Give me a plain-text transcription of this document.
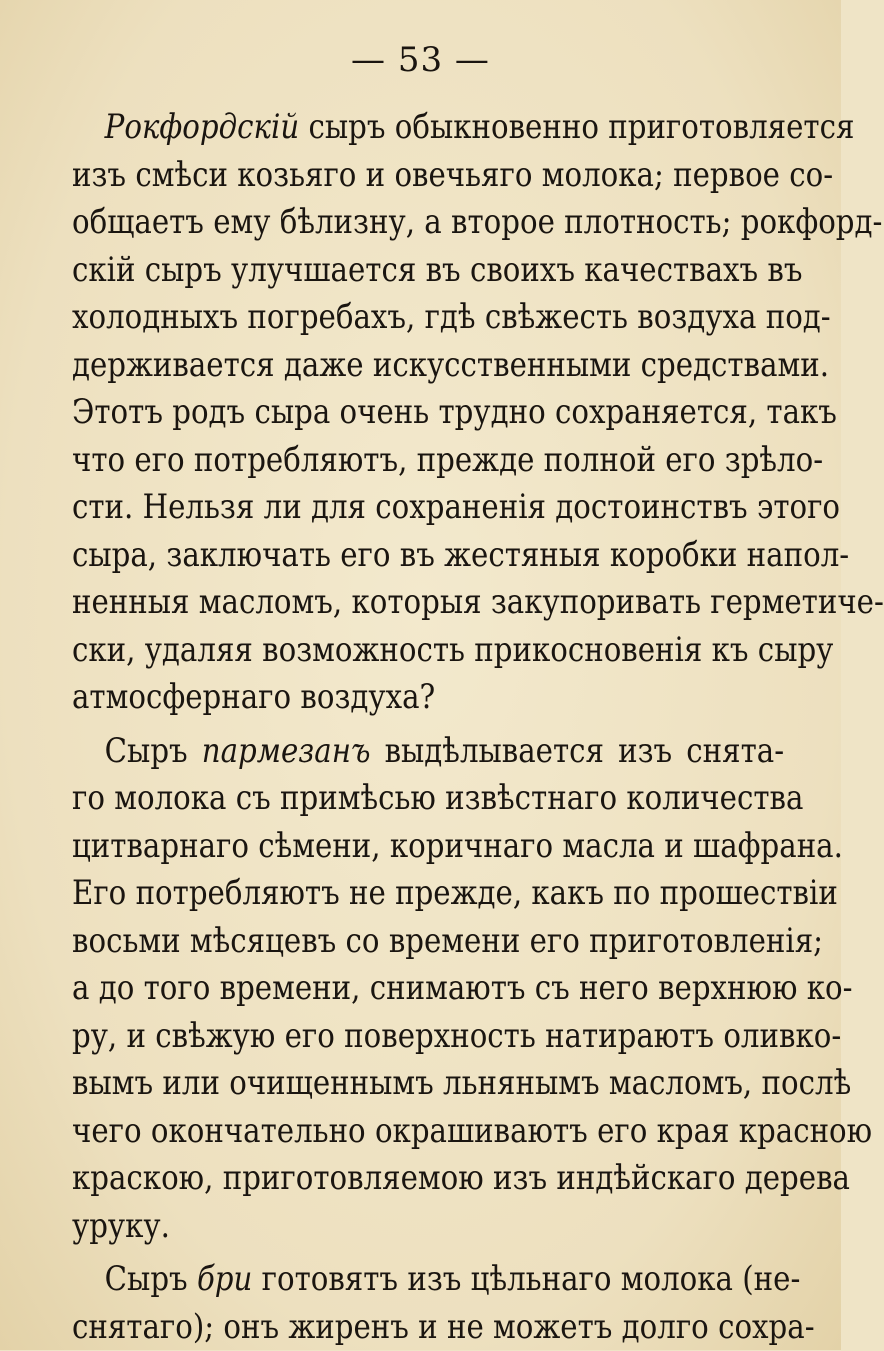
— 53 —
Рокфордскій сыръ обыкновенно приготовляется
изъ смѣси козьяго и овечьяго молока; первое со-
общаетъ ему бѣлизну, а второе плотность; рокфорд-
скій сыръ улучшается въ своихъ качествахъ въ
холодныхъ погребахъ, гдѣ свѣжесть воздуха под-
держивается даже искусственными средствами.
Этотъ родъ сыра очень трудно сохраняется, такъ
что его потребляютъ, прежде полной его зрѣло-
сти. Нельзя ли для сохраненія достоинствъ этого
сыра, заключать его въ жестяныя коробки напол-
ненныя масломъ, которыя закупоривать герметиче-
ски, удаляя возможность прикосновенія къ сыру
атмосфернаго воздуха?
Сыръ пармезанъ выдѣлывается изъ снята-
го молока съ примѣсью извѣстнаго количества
цитварнаго сѣмени, коричнаго масла и шафрана.
Его потребляютъ не прежде, какъ по прошествіи
восьми мѣсяцевъ со времени его приготовленія;
а до того времени, снимаютъ съ него верхнюю ко-
ру, и свѣжую его поверхность натираютъ оливко-
вымъ или очищеннымъ льнянымъ масломъ, послѣ
чего окончательно окрашиваютъ его края красною
краскою, приготовляемою изъ индѣйскаго дерева
уруку.
Сыръ бри готовятъ изъ цѣльнаго молока (не-
снятаго); онъ жиренъ и не можетъ долго сохра-
